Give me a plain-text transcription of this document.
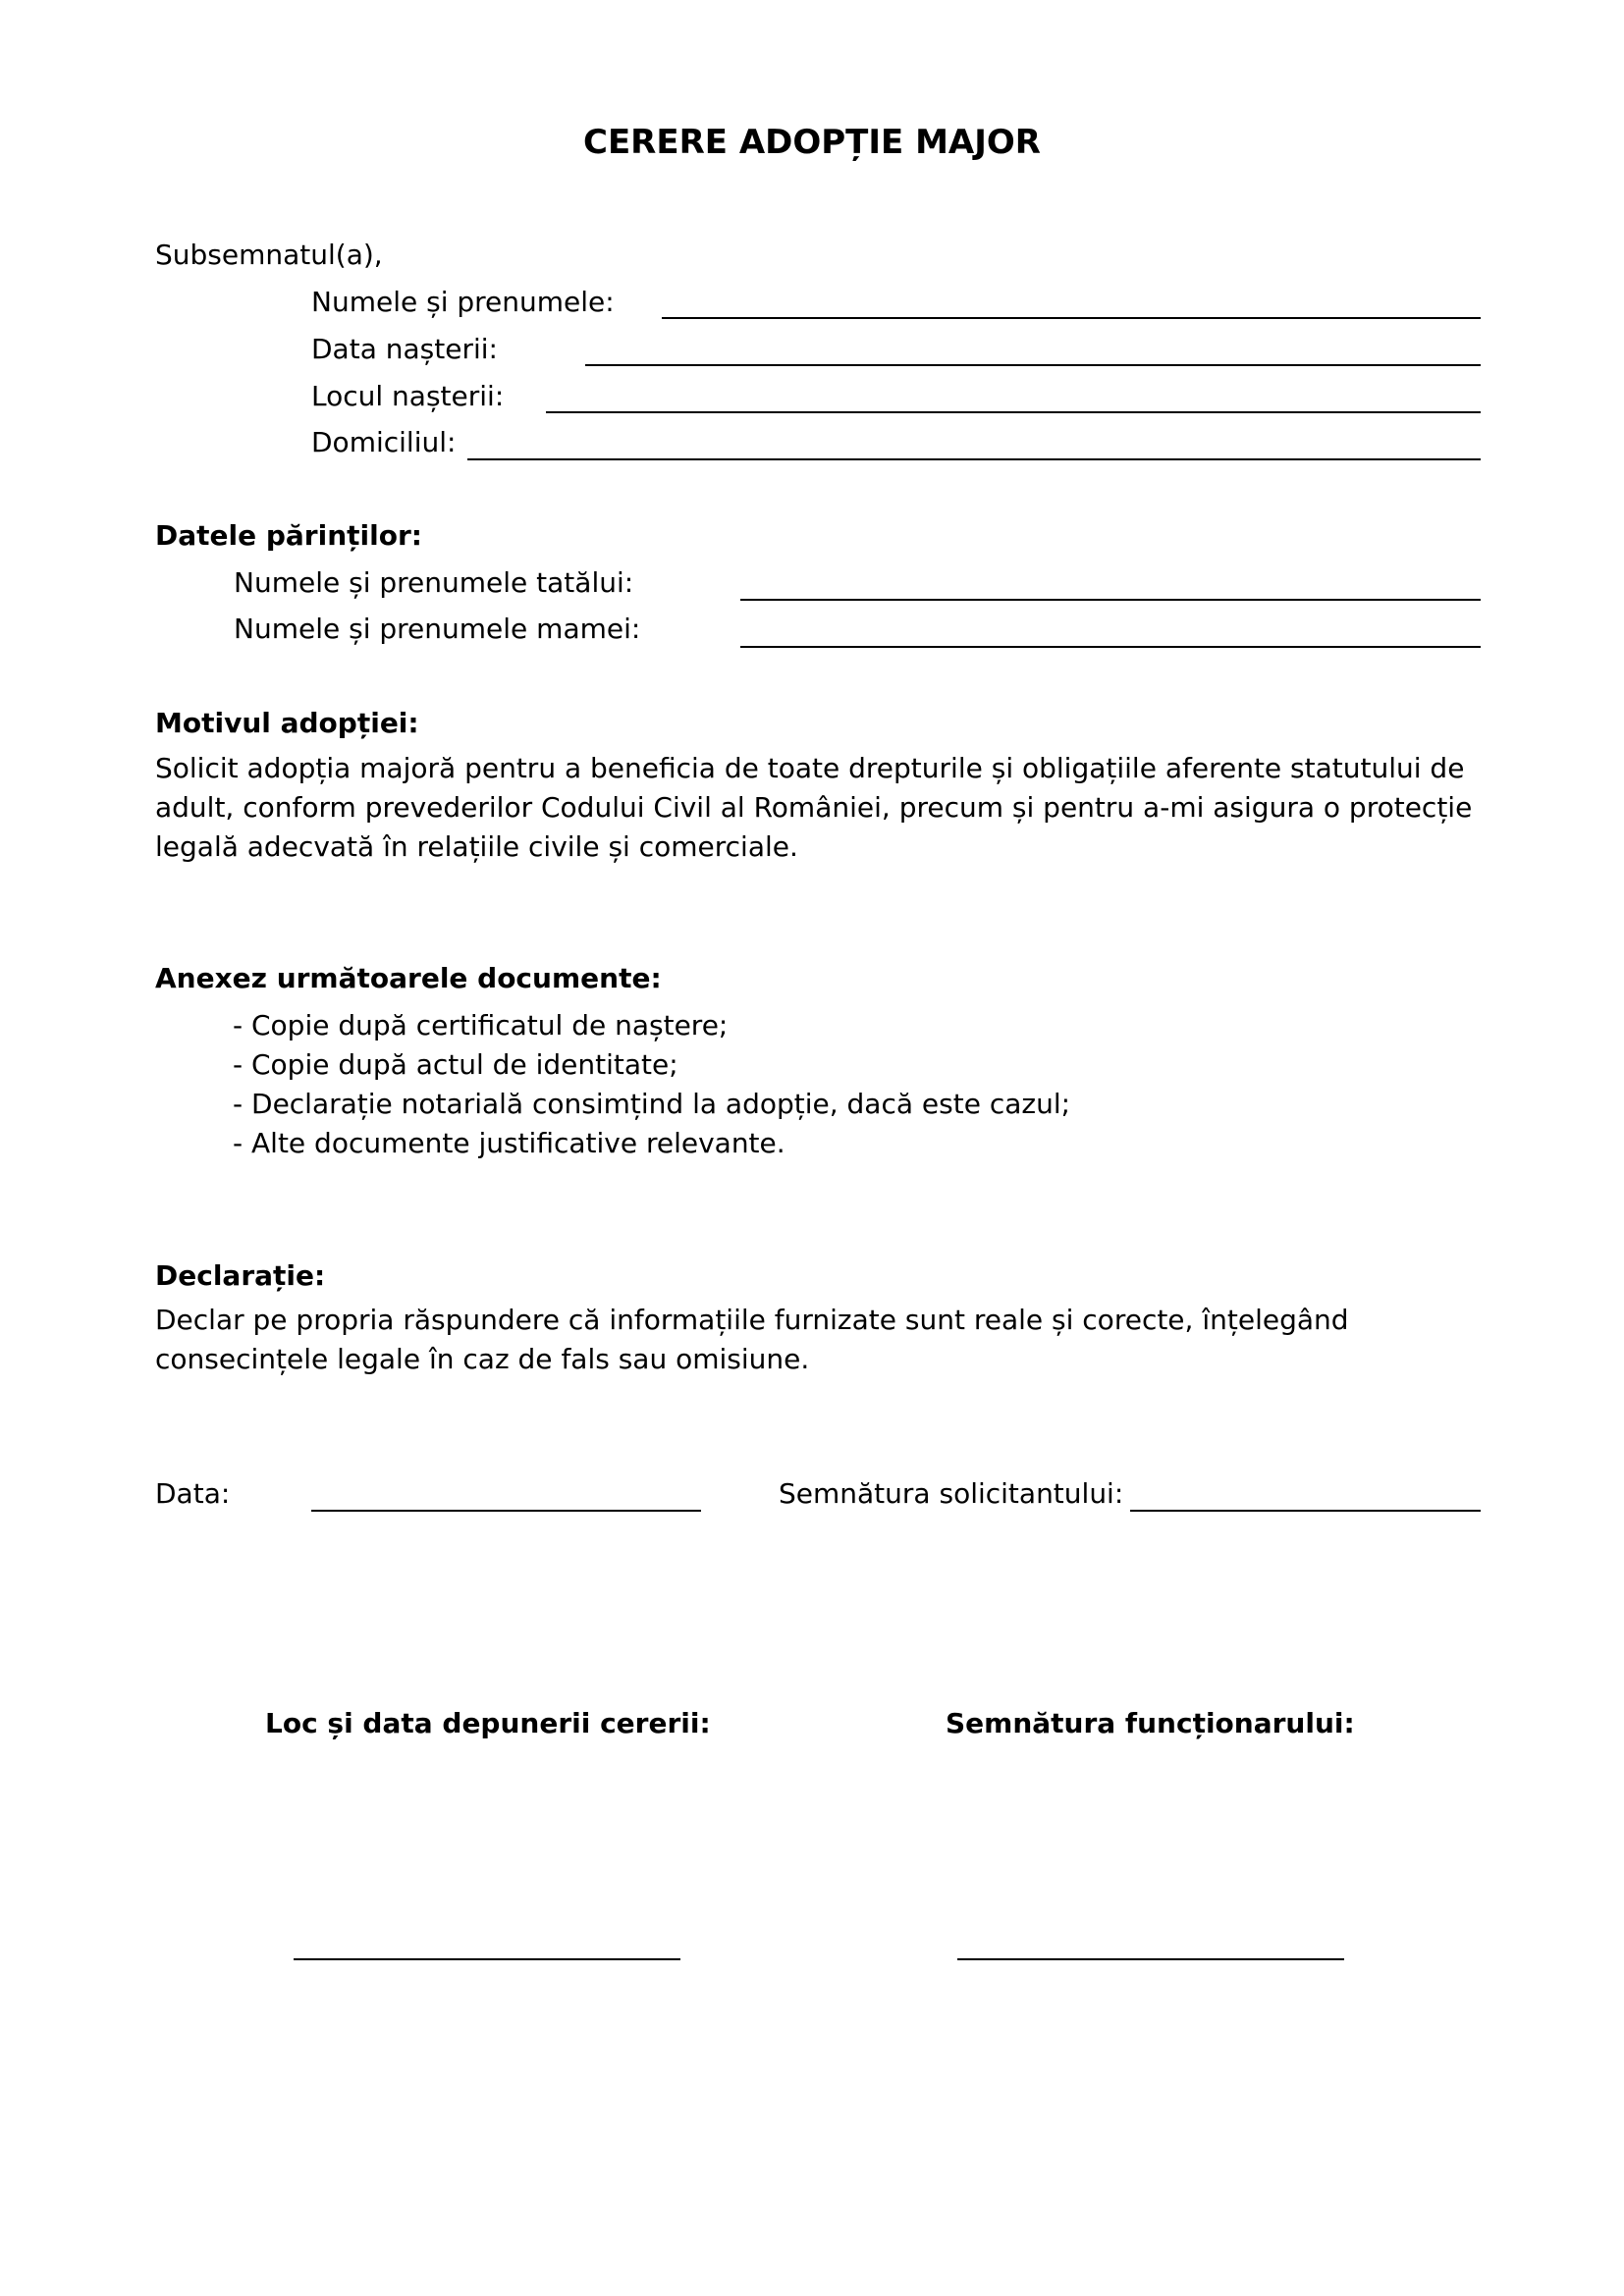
CERERE ADOPȚIE MAJOR
Subsemnatul(a),
Numele și prenumele:
Data nașterii:
Locul nașterii:
Domiciliul:
Datele părinților:
Numele și prenumele tatălui:
Numele și prenumele mamei:
Motivul adopției:
Solicit adopția majoră pentru a beneficia de toate drepturile și obligațiile aferente statutului de adult, conform prevederilor Codului Civil al României, precum și pentru a-mi asigura o protecție legală adecvată în relațiile civile și comerciale.
Anexez următoarele documente:
- Copie după certificatul de naștere;
- Copie după actul de identitate;
- Declarație notarială consimțind la adopție, dacă este cazul;
- Alte documente justificative relevante.
Declarație:
Declar pe propria răspundere că informațiile furnizate sunt reale și corecte, înțelegând consecințele legale în caz de fals sau omisiune.
Data:	Semnătura solicitantului:
Loc și data depunerii cererii:	Semnătura funcționarului:
